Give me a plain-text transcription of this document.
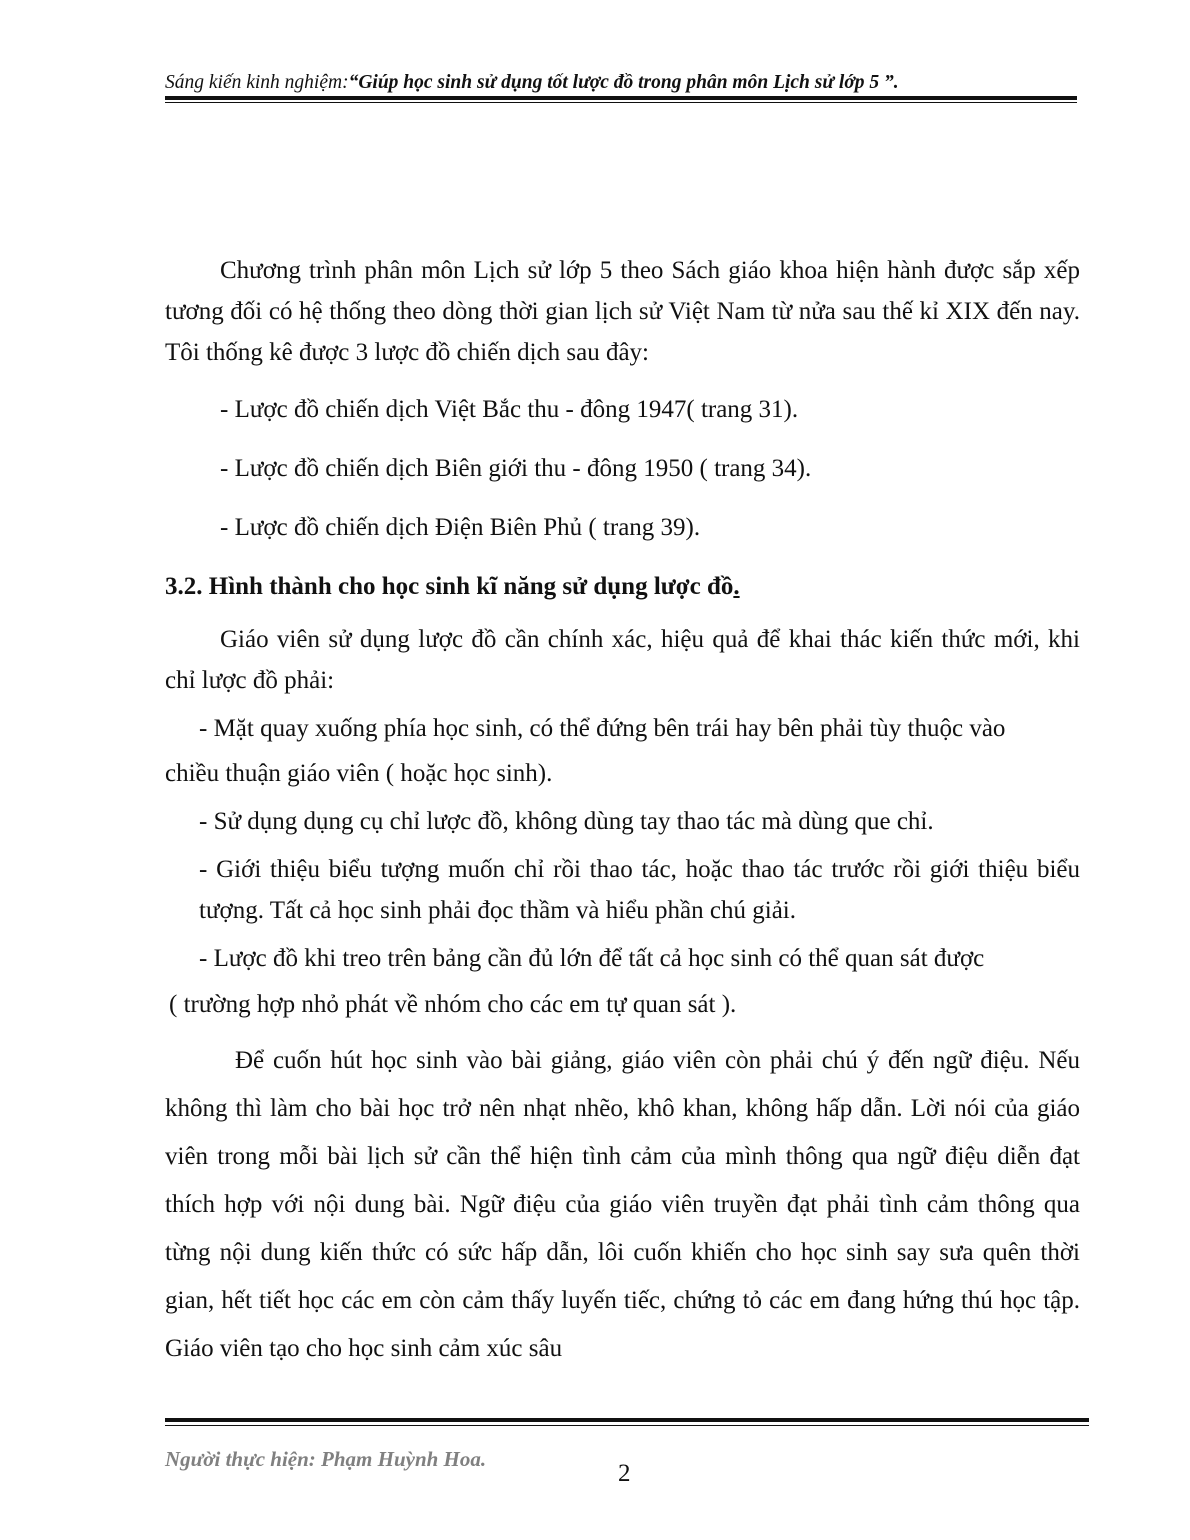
Sáng kiến kinh nghiệm:“Giúp học sinh sử dụng tốt lược đồ trong phân môn Lịch sử lớp 5 ”.

Chương trình phân môn Lịch sử lớp 5 theo Sách giáo khoa hiện hành được sắp xếp tương đối có hệ thống theo dòng thời gian lịch sử Việt Nam từ nửa sau thế kỉ XIX đến nay. Tôi thống kê được 3 lược đồ chiến dịch sau đây:

- Lược đồ chiến dịch Việt Bắc thu - đông 1947( trang 31).

- Lược đồ chiến dịch Biên giới thu - đông 1950 ( trang 34).

- Lược đồ chiến dịch Điện Biên Phủ ( trang 39).

3.2. Hình thành cho học sinh kĩ năng sử dụng lược đồ.

Giáo viên sử dụng lược đồ cần chính xác, hiệu quả để khai thác kiến thức mới, khi chỉ lược đồ phải:

- Mặt quay xuống phía học sinh, có thể đứng bên trái hay bên phải tùy thuộc vào

chiều thuận giáo viên ( hoặc học sinh).

- Sử dụng dụng cụ chỉ lược đồ, không dùng tay thao tác mà dùng que chỉ.

- Giới thiệu biểu tượng muốn chỉ rồi thao tác, hoặc thao tác trước rồi giới thiệu biểu tượng. Tất cả học sinh phải đọc thầm và hiểu phần chú giải.

- Lược đồ khi treo trên bảng cần đủ lớn để tất cả học sinh có thể quan sát được

( trường hợp nhỏ phát về nhóm cho các em tự quan sát ).

Để cuốn hút học sinh vào bài giảng, giáo viên còn phải chú ý đến ngữ điệu. Nếu không thì làm cho bài học trở nên nhạt nhẽo, khô khan, không hấp dẫn. Lời nói của giáo viên trong mỗi bài lịch sử cần thể hiện tình cảm của mình thông qua ngữ điệu diễn đạt thích hợp với nội dung bài. Ngữ điệu của giáo viên truyền đạt phải tình cảm thông qua từng nội dung kiến thức có sức hấp dẫn, lôi cuốn khiến cho học sinh say sưa quên thời gian, hết tiết học các em còn cảm thấy luyến tiếc, chứng tỏ các em đang hứng thú học tập. Giáo viên tạo cho học sinh cảm xúc sâu

Người thực hiện: Phạm Huỳnh Hoa.
2
